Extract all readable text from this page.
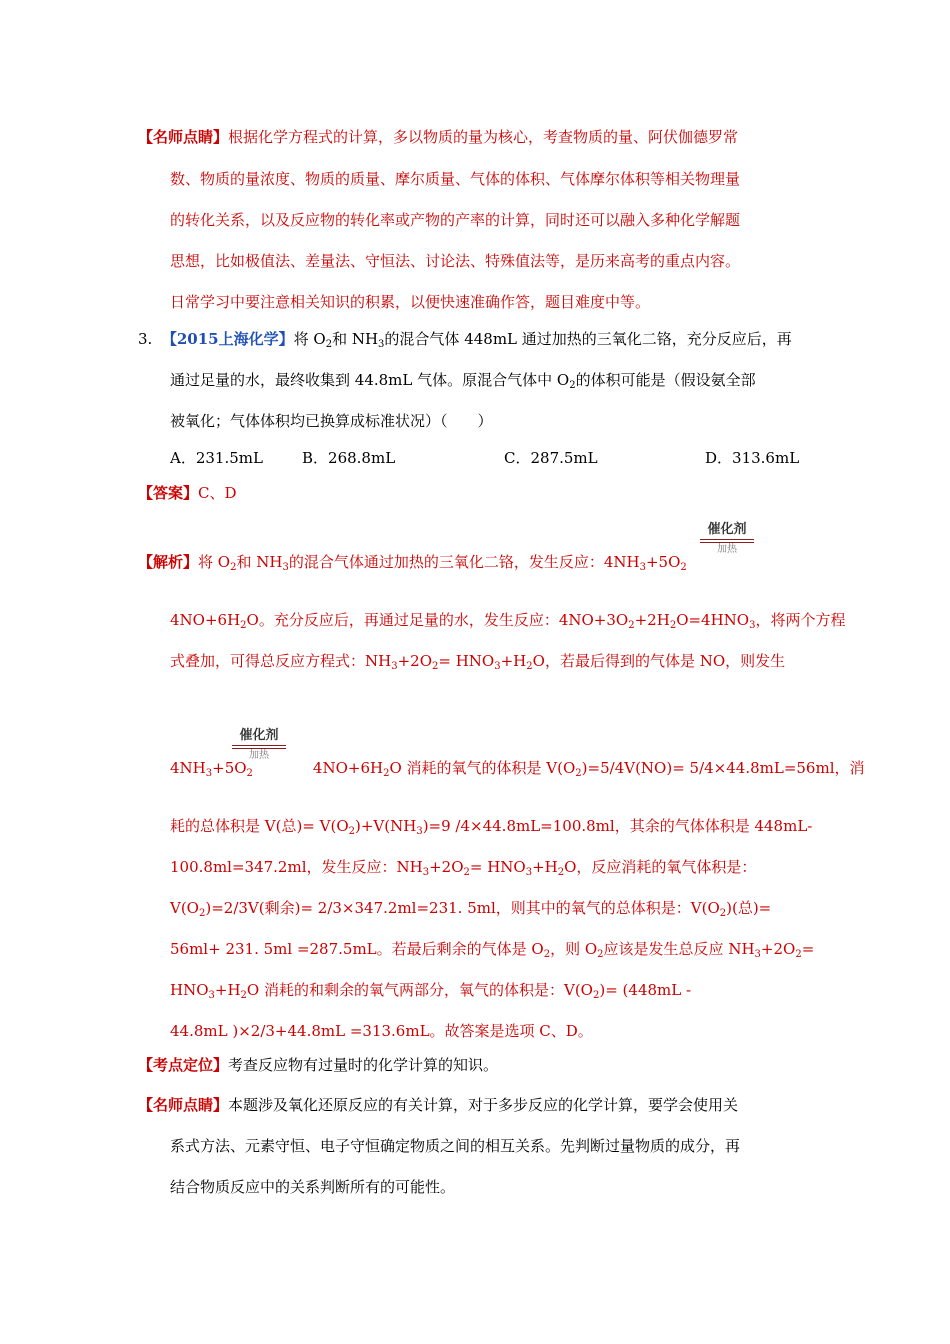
【名师点睛】根据化学方程式的计算，多以物质的量为核心，考查物质的量、阿伏伽德罗常
数、物质的量浓度、物质的质量、摩尔质量、气体的体积、气体摩尔体积等相关物理量
的转化关系，以及反应物的转化率或产物的产率的计算，同时还可以融入多种化学解题
思想，比如极值法、差量法、守恒法、讨论法、特殊值法等，是历来高考的重点内容。
日常学习中要注意相关知识的积累，以便快速准确作答，题目难度中等。
3. 【2015上海化学】将 $O_2$和 $NH_3$的混合气体 448mL 通过加热的三氧化二铬，充分反应后，再
通过足量的水，最终收集到 44.8mL 气体。原混合气体中 $O_2$的体积可能是（假设氨全部
被氧化；气体体积均已换算成标准状况）（　　）
A．231.5mL	B．268.8mL	C．287.5mL	D．313.6mL
【答案】C、D
催化剂
加热
【解析】将 $O_2$和 $NH_3$的混合气体通过加热的三氧化二铬，发生反应：$4NH_3+5O_2$
$4NO+6H_2O$。充分反应后，再通过足量的水，发生反应：$4NO+3O_2+2H_2O=4HNO_3$，将两个方程
式叠加，可得总反应方程式：$NH_3+2O_2= HNO_3+H_2O$，若最后得到的气体是 NO，则发生
催化剂
加热
$4NH_3+5O_2$	$4NO+6H_2O$ 消耗的氧气的体积是 $V(O_2)=5/4V(NO)= 5/4\times 44.8mL=56ml$，消
耗的总体积是 V(总)= $V(O_2)+V(NH_3)=9$ /4×44.8mL=100.8ml，其余的气体体积是 448mL-
100.8ml=347.2ml，发生反应：$NH_3+2O_2= HNO_3+H_2O$，反应消耗的氧气体积是：
$V(O_2)=2/3V$(剩余)= 2/3×347.2ml=231. 5ml，则其中的氧气的总体积是：$V(O_2)$(总)=
56ml+ 231. 5ml =287.5mL。若最后剩余的气体是 $O_2$，则 $O_2$应该是发生总反应 $NH_3+2O_2=$
$HNO_3+H_2O$ 消耗的和剩余的氧气两部分，氧气的体积是：$V(O_2)= (448mL$ -
44.8mL )×2/3+44.8mL =313.6mL。故答案是选项 C、D。
【考点定位】考查反应物有过量时的化学计算的知识。
【名师点睛】本题涉及氧化还原反应的有关计算，对于多步反应的化学计算，要学会使用关
系式方法、元素守恒、电子守恒确定物质之间的相互关系。先判断过量物质的成分，再
结合物质反应中的关系判断所有的可能性。
